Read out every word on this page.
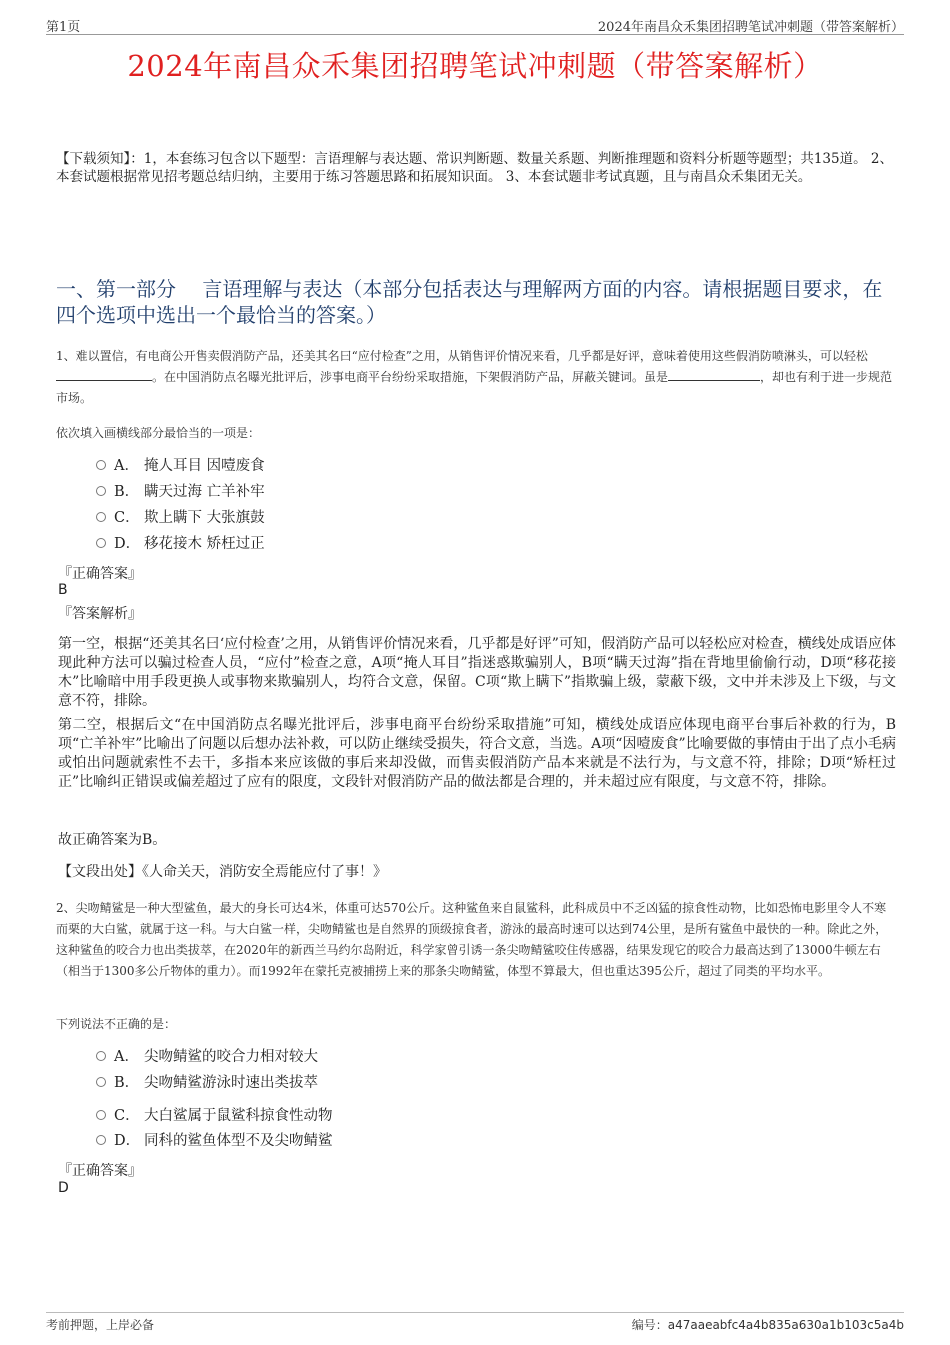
第1页	2024年南昌众禾集团招聘笔试冲刺题（带答案解析）
2024年南昌众禾集团招聘笔试冲刺题（带答案解析）
【下载须知】：1，本套练习包含以下题型：言语理解与表达题、常识判断题、数量关系题、判断推理题和资料分析题等题型；共135道。 2、本套试题根据常见招考题总结归纳，主要用于练习答题思路和拓展知识面。 3、本套试题非考试真题，且与南昌众禾集团无关。
一、第一部分　 言语理解与表达（本部分包括表达与理解两方面的内容。请根据题目要求，在四个选项中选出一个最恰当的答案。）
1、难以置信，有电商公开售卖假消防产品，还美其名曰“应付检查”之用，从销售评价情况来看，几乎都是好评，意味着使用这些假消防喷淋头，可以轻松。在中国消防点名曝光批评后，涉事电商平台纷纷采取措施，下架假消防产品，屏蔽关键词。虽是	，却也有利于进一步规范市场。
依次填入画横线部分最恰当的一项是：
A． 掩人耳目 因噎废食
B． 瞒天过海 亡羊补牢
C． 欺上瞒下 大张旗鼓
D． 移花接木 矫枉过正
『正确答案』
B
『答案解析』
第一空，根据“还美其名曰‘应付检查’之用，从销售评价情况来看，几乎都是好评”可知，假消防产品可以轻松应对检查，横线处成语应体现此种方法可以骗过检查人员，“应付”检查之意，A项“掩人耳目”指迷惑欺骗别人，B项“瞒天过海”指在背地里偷偷行动，D项“移花接木”比喻暗中用手段更换人或事物来欺骗别人，均符合文意，保留。C项“欺上瞒下”指欺骗上级，蒙蔽下级，文中并未涉及上下级，与文意不符，排除。
第二空，根据后文“在中国消防点名曝光批评后，涉事电商平台纷纷采取措施”可知，横线处成语应体现电商平台事后补救的行为，B项“亡羊补牢”比喻出了问题以后想办法补救，可以防止继续受损失，符合文意，当选。A项“因噎废食”比喻要做的事情由于出了点小毛病或怕出问题就索性不去干，多指本来应该做的事后来却没做，而售卖假消防产品本来就是不法行为，与文意不符，排除；D项“矫枉过正”比喻纠正错误或偏差超过了应有的限度，文段针对假消防产品的做法都是合理的，并未超过应有限度，与文意不符，排除。
故正确答案为B。
【文段出处】《人命关天，消防安全焉能应付了事！》
2、尖吻鲭鲨是一种大型鲨鱼，最大的身长可达4米，体重可达570公斤。这种鲨鱼来自鼠鲨科，此科成员中不乏凶猛的掠食性动物，比如恐怖电影里令人不寒而栗的大白鲨，就属于这一科。与大白鲨一样，尖吻鲭鲨也是自然界的顶级掠食者，游泳的最高时速可以达到74公里，是所有鲨鱼中最快的一种。除此之外，这种鲨鱼的咬合力也出类拔萃，在2020年的新西兰马约尔岛附近，科学家曾引诱一条尖吻鲭鲨咬住传感器，结果发现它的咬合力最高达到了13000牛顿左右（相当于1300多公斤物体的重力）。而1992年在蒙托克被捕捞上来的那条尖吻鲭鲨，体型不算最大，但也重达395公斤，超过了同类的平均水平。
下列说法不正确的是：
A． 尖吻鲭鲨的咬合力相对较大
B． 尖吻鲭鲨游泳时速出类拔萃
C． 大白鲨属于鼠鲨科掠食性动物
D． 同科的鲨鱼体型不及尖吻鲭鲨
『正确答案』
D
考前押题，上岸必备	编号：a47aaeabfc4a4b835a630a1b103c5a4b
